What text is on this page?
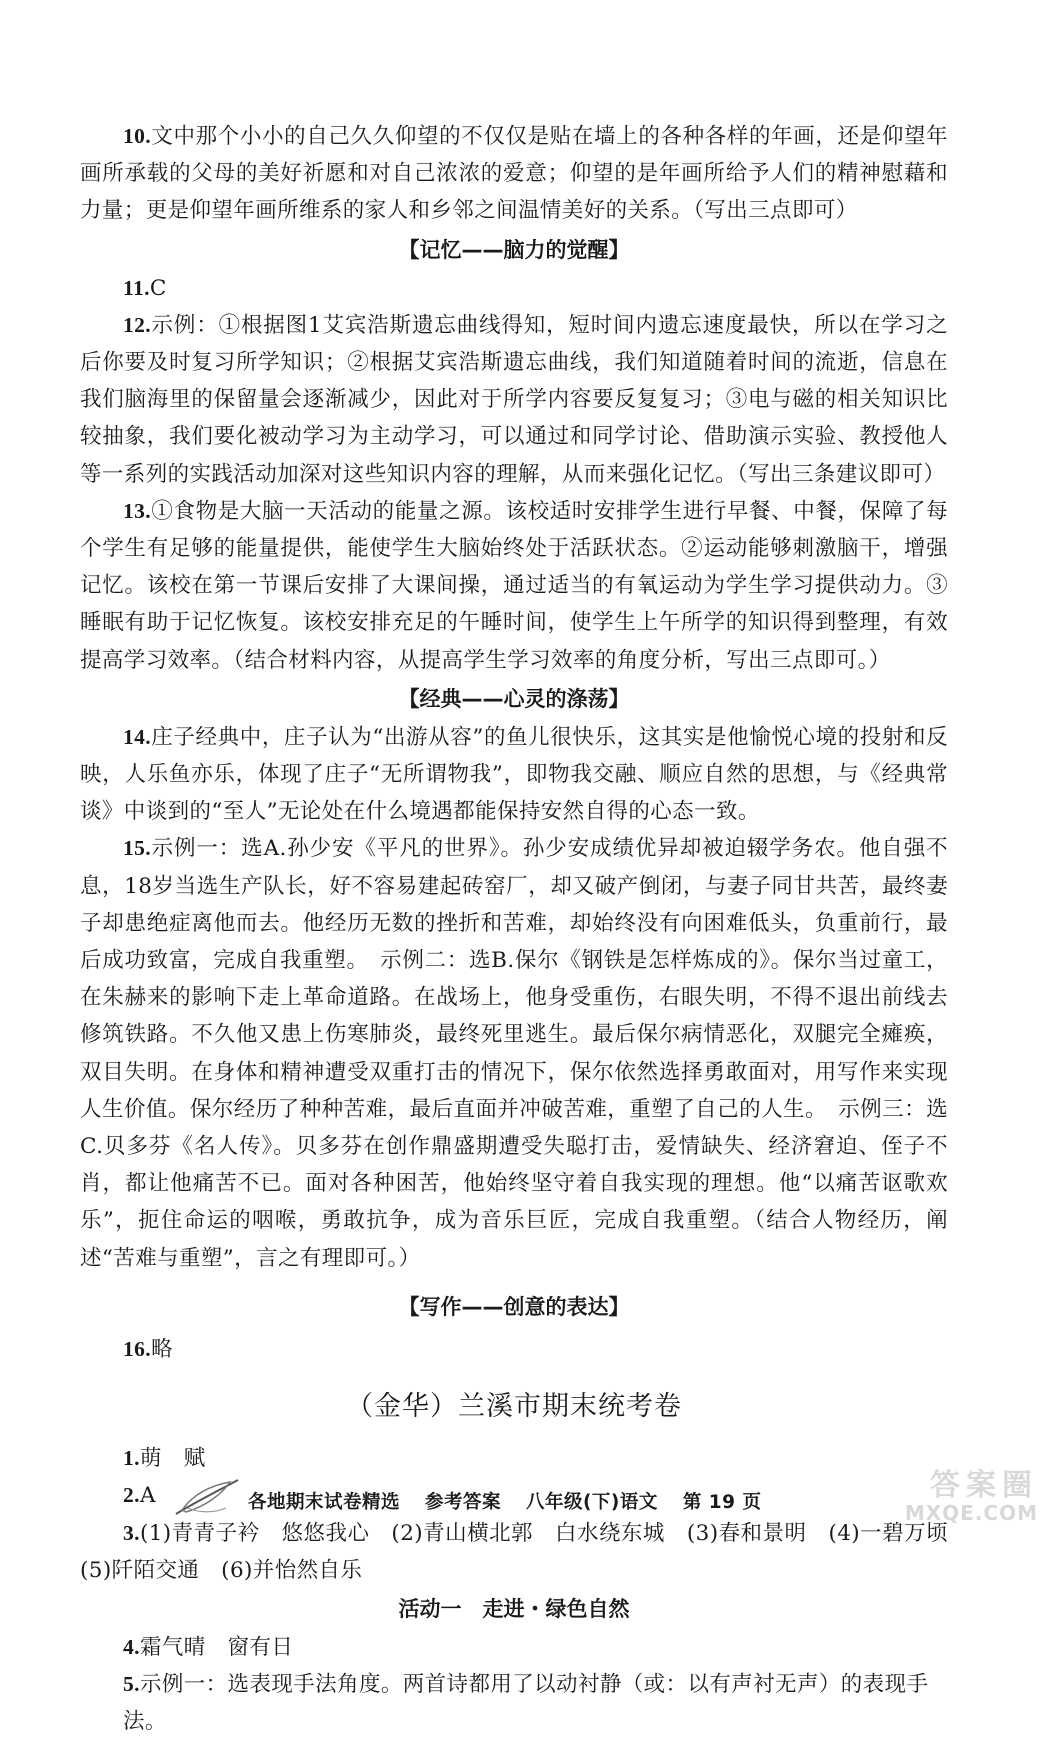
10.文中那个小小的自己久久仰望的不仅仅是贴在墙上的各种各样的年画，还是仰望年画所承载的父母的美好祈愿和对自己浓浓的爱意；仰望的是年画所给予人们的精神慰藉和力量；更是仰望年画所维系的家人和乡邻之间温情美好的关系。（写出三点即可）

【记忆——脑力的觉醒】

11.C

12.示例：①根据图1艾宾浩斯遗忘曲线得知，短时间内遗忘速度最快，所以在学习之后你要及时复习所学知识；②根据艾宾浩斯遗忘曲线，我们知道随着时间的流逝，信息在我们脑海里的保留量会逐渐减少，因此对于所学内容要反复复习；③电与磁的相关知识比较抽象，我们要化被动学习为主动学习，可以通过和同学讨论、借助演示实验、教授他人等一系列的实践活动加深对这些知识内容的理解，从而来强化记忆。（写出三条建议即可）

13.①食物是大脑一天活动的能量之源。该校适时安排学生进行早餐、中餐，保障了每个学生有足够的能量提供，能使学生大脑始终处于活跃状态。②运动能够刺激脑干，增强记忆。该校在第一节课后安排了大课间操，通过适当的有氧运动为学生学习提供动力。③睡眠有助于记忆恢复。该校安排充足的午睡时间，使学生上午所学的知识得到整理，有效提高学习效率。（结合材料内容，从提高学生学习效率的角度分析，写出三点即可。）

【经典——心灵的涤荡】

14.庄子经典中，庄子认为“出游从容”的鱼儿很快乐，这其实是他愉悦心境的投射和反映，人乐鱼亦乐，体现了庄子“无所谓物我”，即物我交融、顺应自然的思想，与《经典常谈》中谈到的“至人”无论处在什么境遇都能保持安然自得的心态一致。

15.示例一：选A.孙少安《平凡的世界》。孙少安成绩优异却被迫辍学务农。他自强不息，18岁当选生产队长，好不容易建起砖窑厂，却又破产倒闭，与妻子同甘共苦，最终妻子却患绝症离他而去。他经历无数的挫折和苦难，却始终没有向困难低头，负重前行，最后成功致富，完成自我重塑。　示例二：选B.保尔《钢铁是怎样炼成的》。保尔当过童工，在朱赫来的影响下走上革命道路。在战场上，他身受重伤，右眼失明，不得不退出前线去修筑铁路。不久他又患上伤寒肺炎，最终死里逃生。最后保尔病情恶化，双腿完全瘫痪，双目失明。在身体和精神遭受双重打击的情况下，保尔依然选择勇敢面对，用写作来实现人生价值。保尔经历了种种苦难，最后直面并冲破苦难，重塑了自己的人生。　示例三：选C.贝多芬《名人传》。贝多芬在创作鼎盛期遭受失聪打击，爱情缺失、经济窘迫、侄子不肖，都让他痛苦不已。面对各种困苦，他始终坚守着自我实现的理想。他“以痛苦讴歌欢乐”，扼住命运的咽喉，勇敢抗争，成为音乐巨匠，完成自我重塑。（结合人物经历，阐述“苦难与重塑”，言之有理即可。）

【写作——创意的表达】

16.略

（金华）兰溪市期末统考卷

1.萌　赋

2.A

3.(1)青青子衿　悠悠我心　(2)青山横北郭　白水绕东城　(3)春和景明　(4)一碧万顷　(5)阡陌交通　(6)并怡然自乐

活动一　走进・绿色自然

4.霜气晴　窗有日

5.示例一：选表现手法角度。两首诗都用了以动衬静（或：以有声衬无声）的表现手法。

各地期末试卷精选 参考答案 八年级(下)语文 第 19 页	答案圈
MXQE.COM
